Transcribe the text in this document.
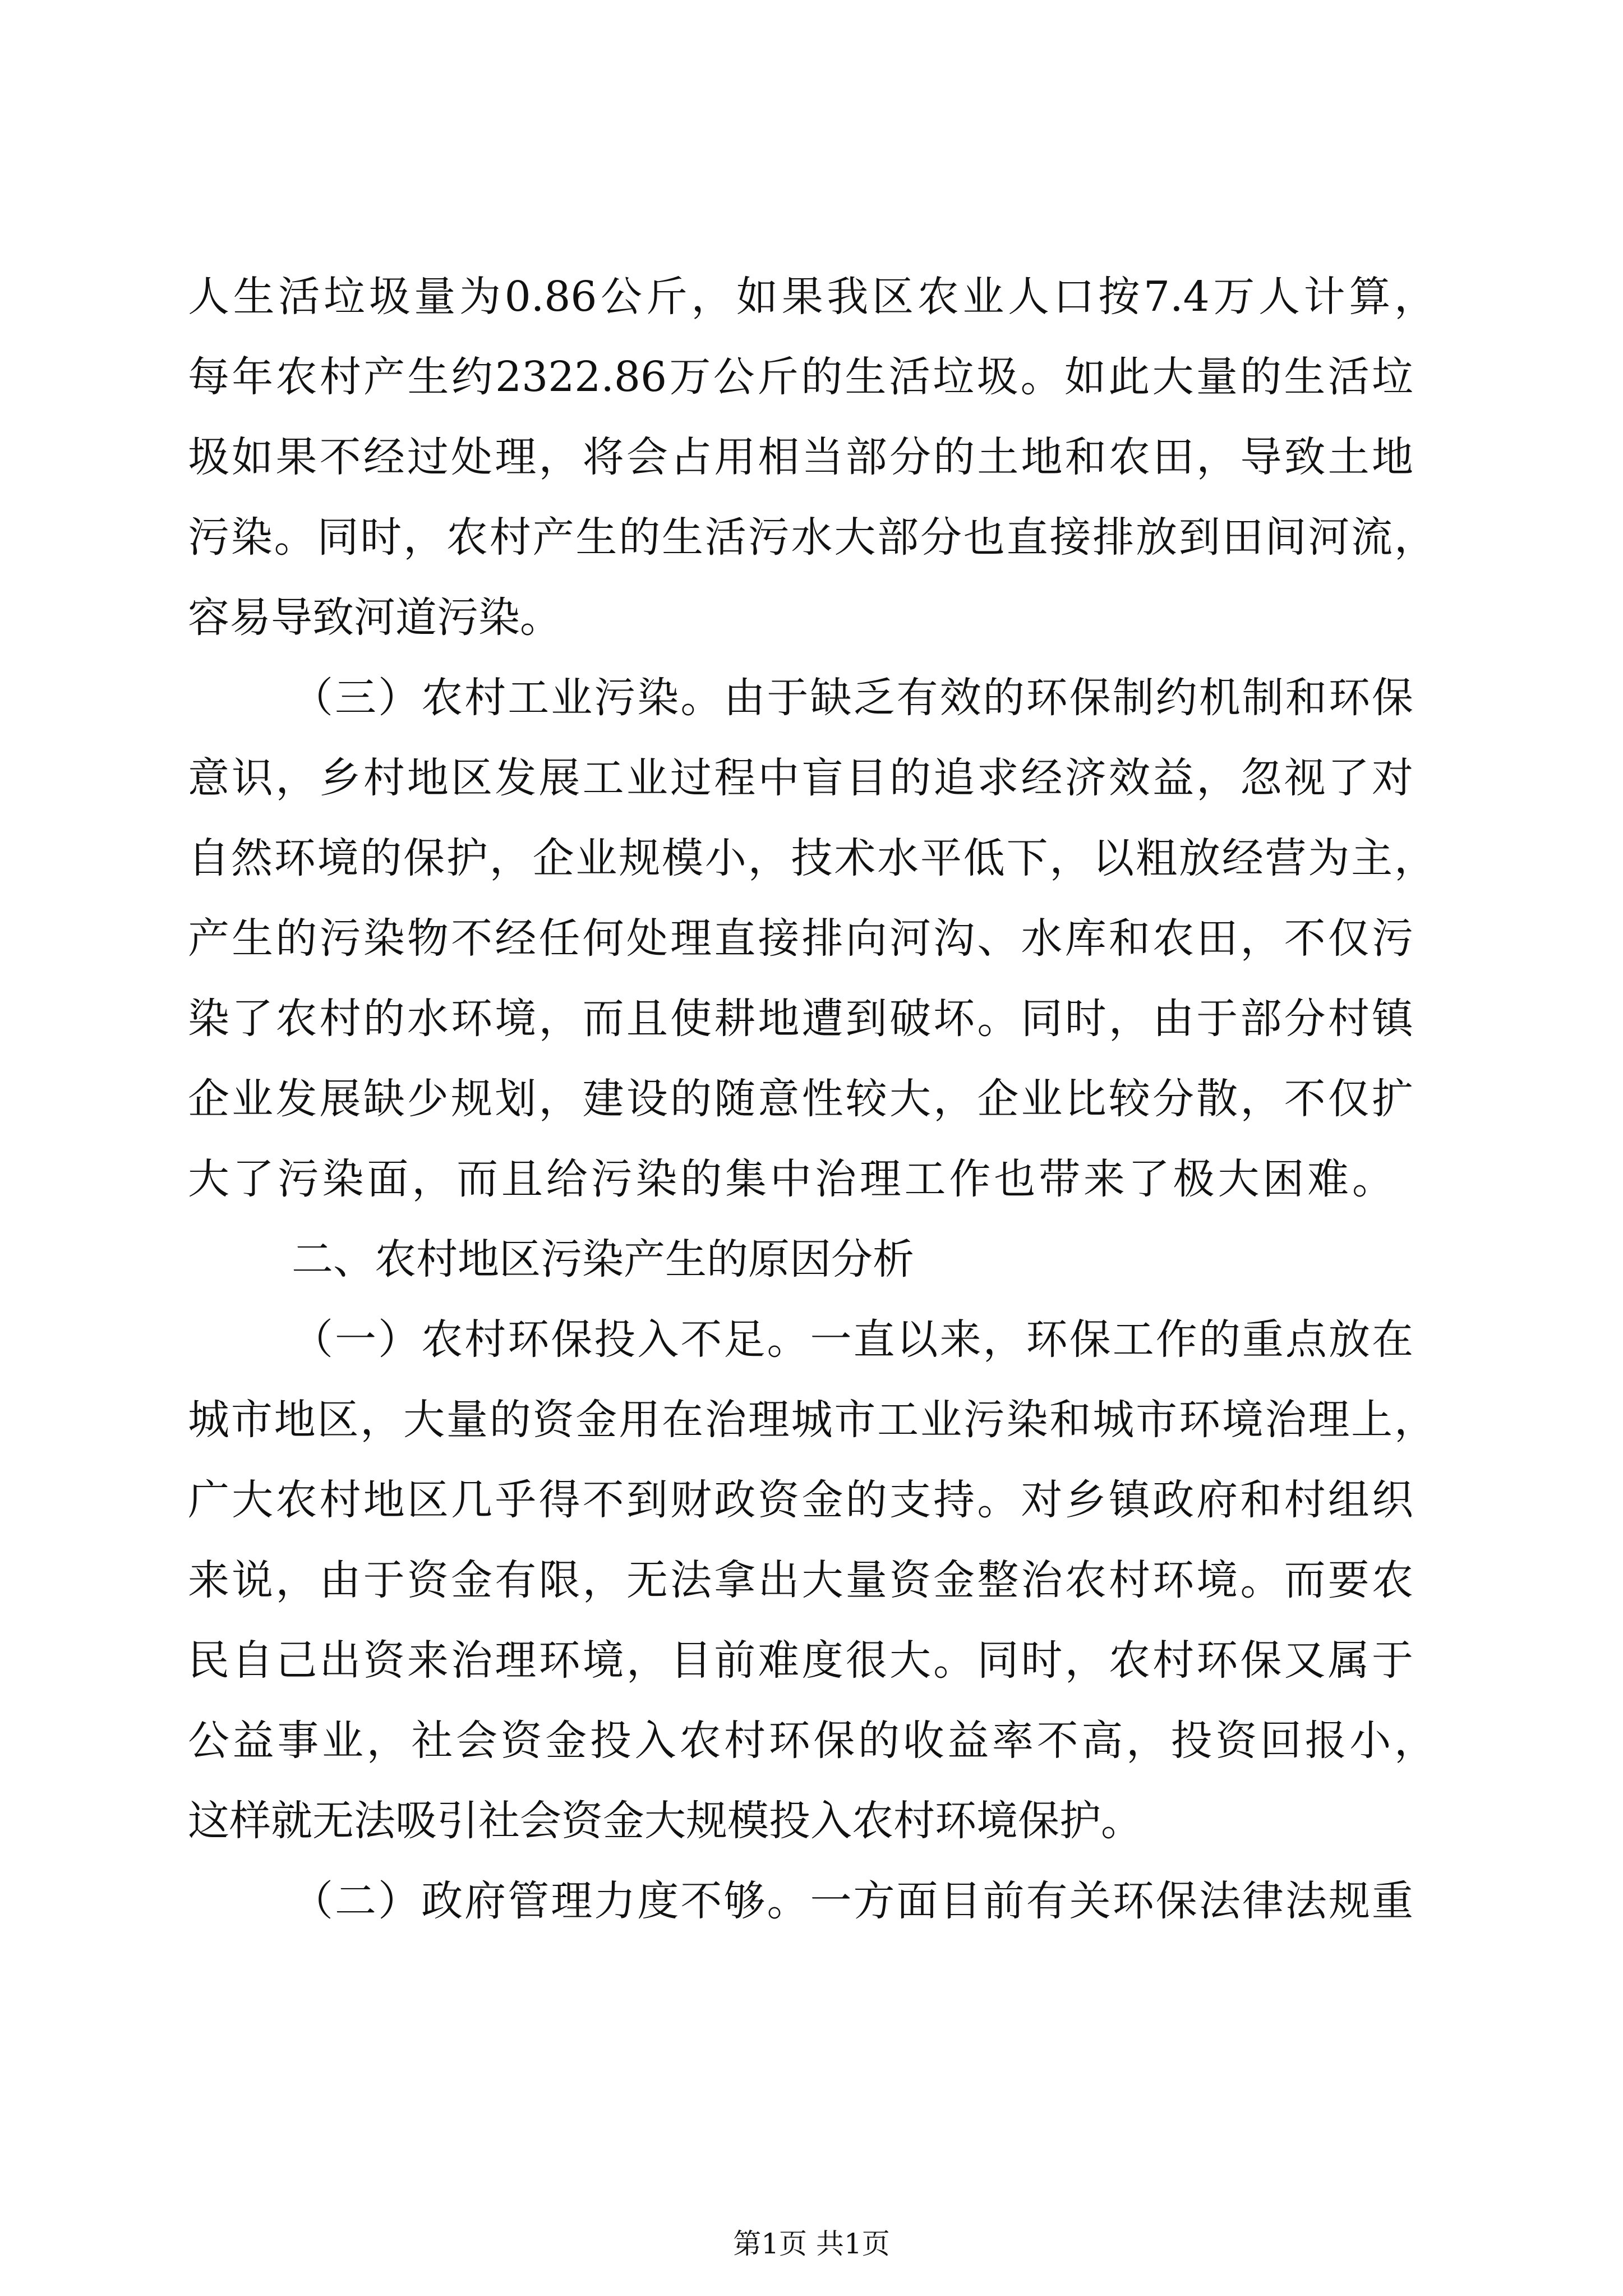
人生活垃圾量为0.86公斤，如果我区农业人口按7.4万人计算，
每年农村产生约2322.86万公斤的生活垃圾。如此大量的生活垃
圾如果不经过处理，将会占用相当部分的土地和农田，导致土地
污染。同时，农村产生的生活污水大部分也直接排放到田间河流，
容易导致河道污染。
（三）农村工业污染。由于缺乏有效的环保制约机制和环保
意识，乡村地区发展工业过程中盲目的追求经济效益，忽视了对
自然环境的保护，企业规模小，技术水平低下，以粗放经营为主，
产生的污染物不经任何处理直接排向河沟、水库和农田，不仅污
染了农村的水环境，而且使耕地遭到破坏。同时，由于部分村镇
企业发展缺少规划，建设的随意性较大，企业比较分散，不仅扩
大了污染面，而且给污染的集中治理工作也带来了极大困难。
二、农村地区污染产生的原因分析
（一）农村环保投入不足。一直以来，环保工作的重点放在
城市地区，大量的资金用在治理城市工业污染和城市环境治理上，
广大农村地区几乎得不到财政资金的支持。对乡镇政府和村组织
来说，由于资金有限，无法拿出大量资金整治农村环境。而要农
民自己出资来治理环境，目前难度很大。同时，农村环保又属于
公益事业，社会资金投入农村环保的收益率不高，投资回报小，
这样就无法吸引社会资金大规模投入农村环境保护。
（二）政府管理力度不够。一方面目前有关环保法律法规重
第1页 共1页
